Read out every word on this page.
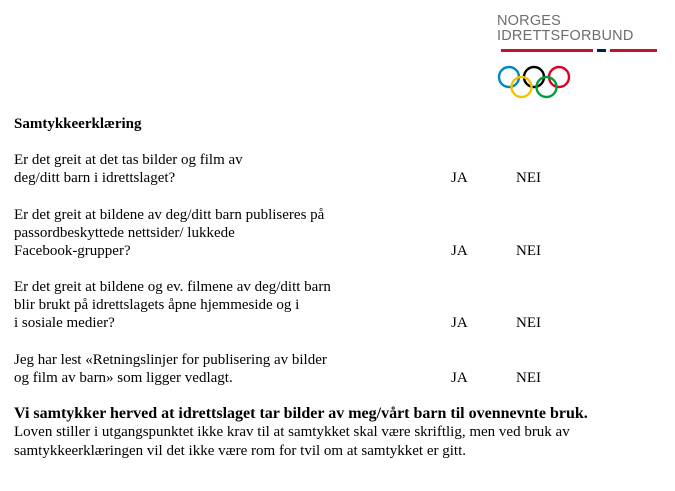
NORGES
IDRETTSFORBUND
Samtykkeerklæring
Er det greit at det tas bilder og film av
deg/ditt barn i idrettslaget?	JA	NEI
Er det greit at bildene av deg/ditt barn publiseres på
passordbeskyttede nettsider/ lukkede
Facebook-grupper?	JA	NEI
Er det greit at bildene og ev. filmene av deg/ditt barn
blir brukt på idrettslagets åpne hjemmeside og i
i sosiale medier?	JA	NEI
Jeg har lest «Retningslinjer for publisering av bilder
og film av barn» som ligger vedlagt.	JA	NEI
Vi samtykker herved at idrettslaget tar bilder av meg/vårt barn til ovennevnte bruk.
Loven stiller i utgangspunktet ikke krav til at samtykket skal være skriftlig, men ved bruk av samtykkeerklæringen vil det ikke være rom for tvil om at samtykket er gitt.
